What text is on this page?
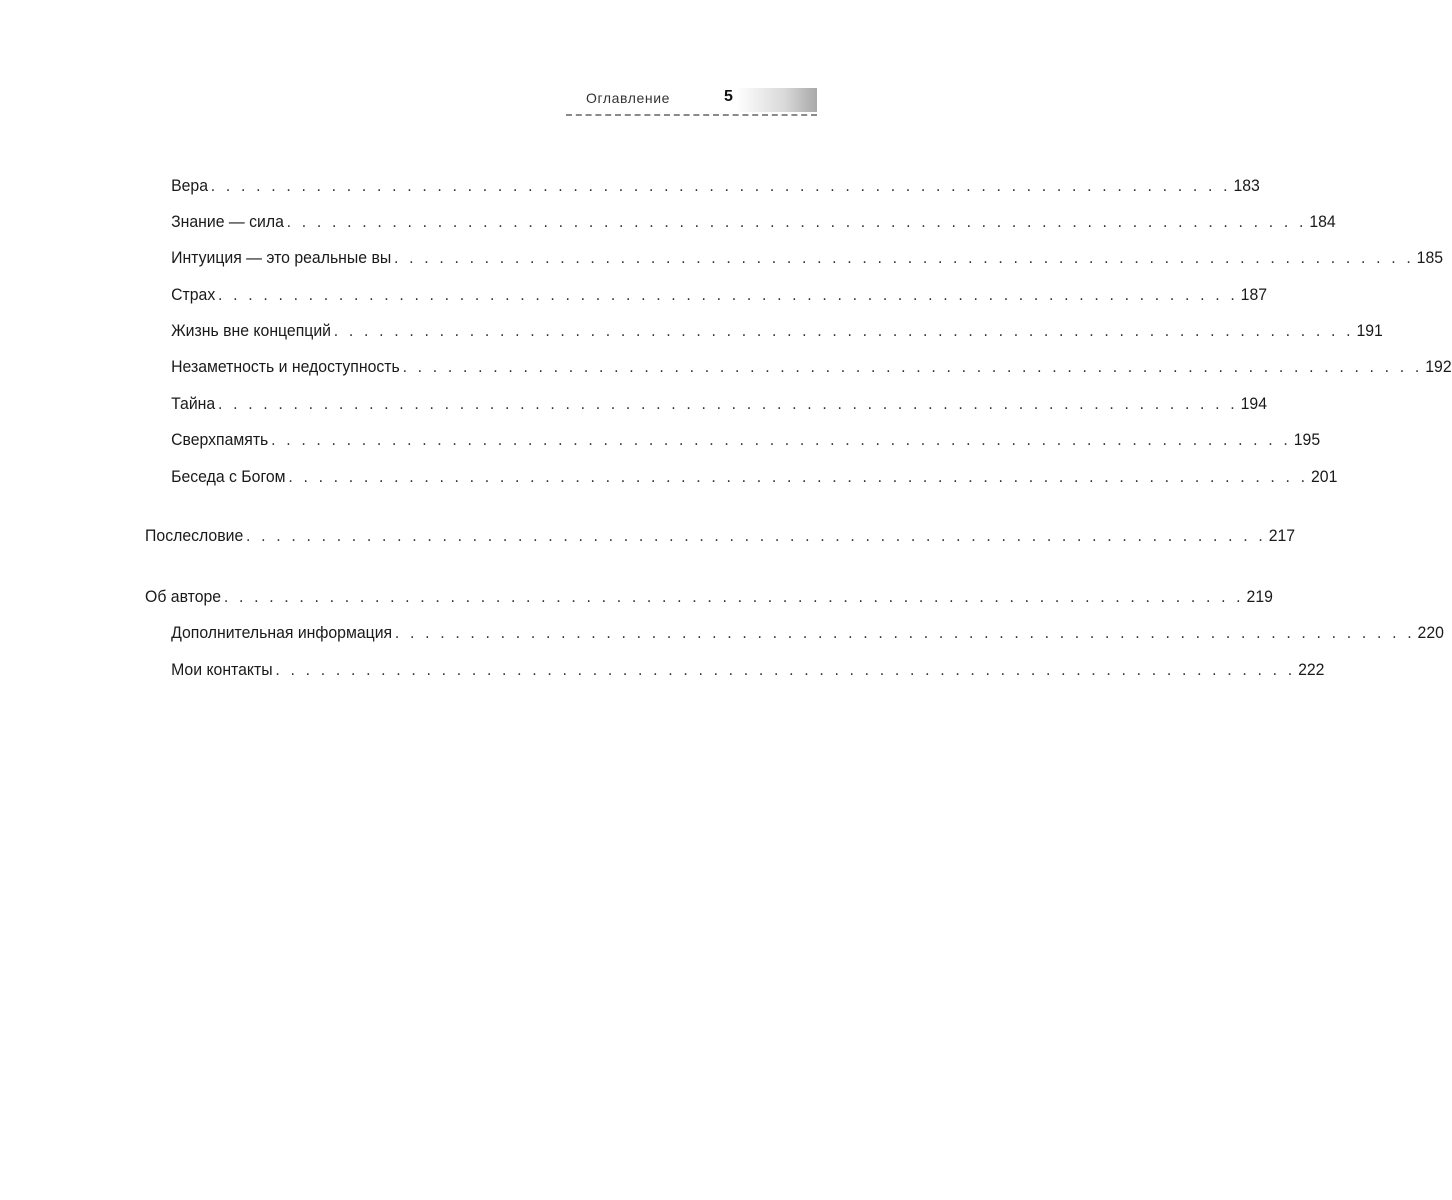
Оглавление	5
Вера . . . . . . . . . . . . . . . . . . . . . . . . . . . . . . . . . . . . . . . . . . . . . . . . . . . . . . . . . . . . . . . . . . . . 183
Знание — сила . . . . . . . . . . . . . . . . . . . . . . . . . . . . . . . . . . . . . . . . . . . . . . . . . . . . . . . . . . . . . . . . . . . . 184
Интуиция — это реальные вы . . . . . . . . . . . . . . . . . . . . . . . . . . . . . . . . . . . . . . . . . . . . . . . . . . . . . . . . . . . . . . . . . . . . 185
Страх . . . . . . . . . . . . . . . . . . . . . . . . . . . . . . . . . . . . . . . . . . . . . . . . . . . . . . . . . . . . . . . . . . . . 187
Жизнь вне концепций . . . . . . . . . . . . . . . . . . . . . . . . . . . . . . . . . . . . . . . . . . . . . . . . . . . . . . . . . . . . . . . . . . . . 191
Незаметность и недоступность . . . . . . . . . . . . . . . . . . . . . . . . . . . . . . . . . . . . . . . . . . . . . . . . . . . . . . . . . . . . . . . . . . . . 192
Тайна . . . . . . . . . . . . . . . . . . . . . . . . . . . . . . . . . . . . . . . . . . . . . . . . . . . . . . . . . . . . . . . . . . . . 194
Сверхпамять . . . . . . . . . . . . . . . . . . . . . . . . . . . . . . . . . . . . . . . . . . . . . . . . . . . . . . . . . . . . . . . . . . . . 195
Беседа с Богом . . . . . . . . . . . . . . . . . . . . . . . . . . . . . . . . . . . . . . . . . . . . . . . . . . . . . . . . . . . . . . . . . . . . 201
Послесловие . . . . . . . . . . . . . . . . . . . . . . . . . . . . . . . . . . . . . . . . . . . . . . . . . . . . . . . . . . . . . . . . . . . . 217
Об авторе . . . . . . . . . . . . . . . . . . . . . . . . . . . . . . . . . . . . . . . . . . . . . . . . . . . . . . . . . . . . . . . . . . . . 219
Дополнительная информация . . . . . . . . . . . . . . . . . . . . . . . . . . . . . . . . . . . . . . . . . . . . . . . . . . . . . . . . . . . . . . . . . . . . 220
Мои контакты . . . . . . . . . . . . . . . . . . . . . . . . . . . . . . . . . . . . . . . . . . . . . . . . . . . . . . . . . . . . . . . . . . . . 222
